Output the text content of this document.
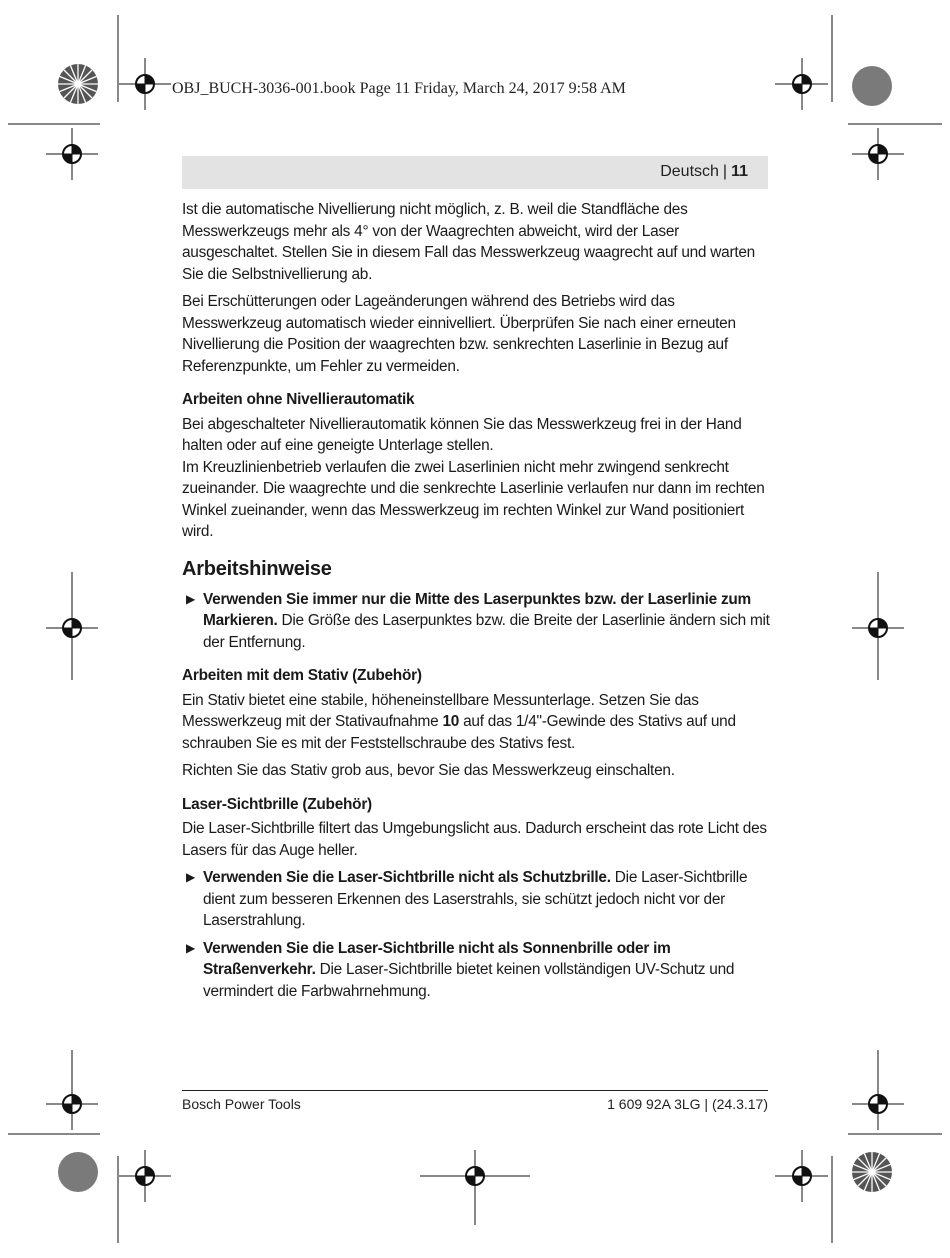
OBJ_BUCH-3036-001.book Page 11 Friday, March 24, 2017 9:58 AM
Deutsch | 11

Ist die automatische Nivellierung nicht möglich, z. B. weil die Standfläche des Messwerkzeugs mehr als 4° von der Waagrechten abweicht, wird der Laser ausgeschaltet. Stellen Sie in diesem Fall das Messwerkzeug waagrecht auf und warten Sie die Selbstnivellierung ab.

Bei Erschütterungen oder Lageänderungen während des Betriebs wird das Messwerkzeug automatisch wieder einnivelliert. Überprüfen Sie nach einer erneuten Nivellierung die Position der waagrechten bzw. senkrechten Laserlinie in Bezug auf Referenzpunkte, um Fehler zu vermeiden.

Arbeiten ohne Nivellierautomatik

Bei abgeschalteter Nivellierautomatik können Sie das Messwerkzeug frei in der Hand halten oder auf eine geneigte Unterlage stellen.

Im Kreuzlinienbetrieb verlaufen die zwei Laserlinien nicht mehr zwingend senkrecht zueinander. Die waagrechte und die senkrechte Laserlinie verlaufen nur dann im rechten Winkel zueinander, wenn das Messwerkzeug im rechten Winkel zur Wand positioniert wird.

Arbeitshinweise
▶ Verwenden Sie immer nur die Mitte des Laserpunktes bzw. der Laserlinie zum Markieren. Die Größe des Laserpunktes bzw. die Breite der Laserlinie ändern sich mit der Entfernung.
Arbeiten mit dem Stativ (Zubehör)

Ein Stativ bietet eine stabile, höheneinstellbare Messunterlage. Setzen Sie das Messwerkzeug mit der Stativaufnahme 10 auf das 1/4"-Gewinde des Stativs auf und schrauben Sie es mit der Feststellschraube des Stativs fest.

Richten Sie das Stativ grob aus, bevor Sie das Messwerkzeug einschalten.

Laser-Sichtbrille (Zubehör)

Die Laser-Sichtbrille filtert das Umgebungslicht aus. Dadurch erscheint das rote Licht des Lasers für das Auge heller.

▶ Verwenden Sie die Laser-Sichtbrille nicht als Schutzbrille. Die Laser-Sichtbrille dient zum besseren Erkennen des Laserstrahls, sie schützt jedoch nicht vor der Laserstrahlung.
▶ Verwenden Sie die Laser-Sichtbrille nicht als Sonnenbrille oder im Straßenverkehr. Die Laser-Sichtbrille bietet keinen vollständigen UV-Schutz und vermindert die Farbwahrnehmung.
Bosch Power Tools	1 609 92A 3LG | (24.3.17)
